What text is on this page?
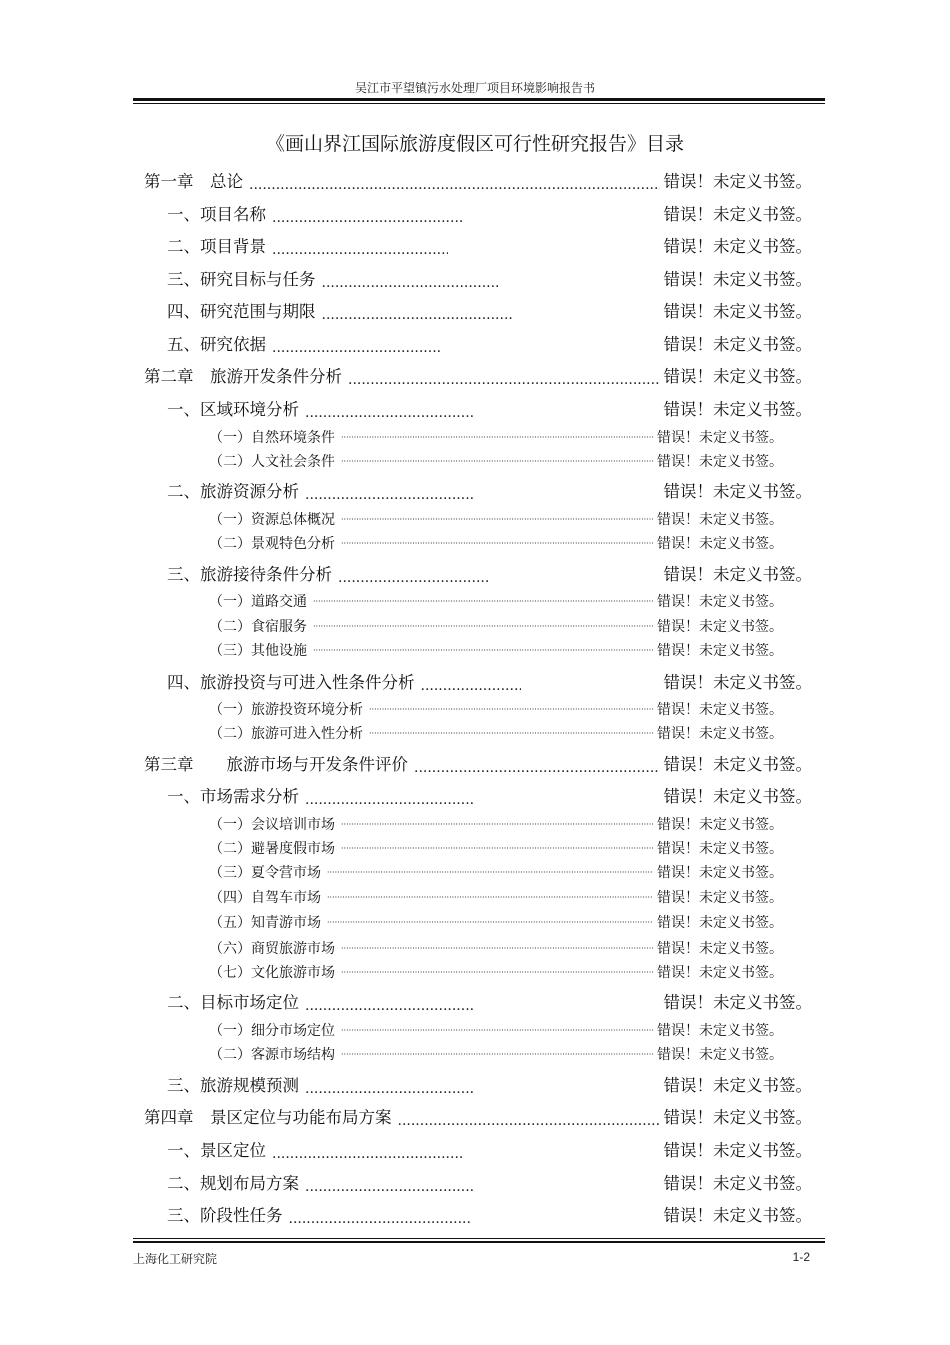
吴江市平望镇污水处理厂项目环境影响报告书
《画山界江国际旅游度假区可行性研究报告》目录
第一章　总论 .....	错误！未定义书签。
一、项目名称 .....	错误！未定义书签。
二、项目背景 .....	错误！未定义书签。
三、研究目标与任务 .....	错误！未定义书签。
四、研究范围与期限 .....	错误！未定义书签。
五、研究依据 .....	错误！未定义书签。
第二章　旅游开发条件分析 .....	错误！未定义书签。
一、区域环境分析 .....	错误！未定义书签。
（一）自然环境条件 ·····	错误！未定义书签。
（二）人文社会条件 ·····	错误！未定义书签。
二、旅游资源分析 .....	错误！未定义书签。
（一）资源总体概况 ·····	错误！未定义书签。
（二）景观特色分析 ·····	错误！未定义书签。
三、旅游接待条件分析 .....	错误！未定义书签。
（一）道路交通 ·····	错误！未定义书签。
（二）食宿服务 ·····	错误！未定义书签。
（三）其他设施 ·····	错误！未定义书签。
四、旅游投资与可进入性条件分析 .....	错误！未定义书签。
（一）旅游投资环境分析 ·····	错误！未定义书签。
（二）旅游可进入性分析 ·····	错误！未定义书签。
第三章　　旅游市场与开发条件评价 .....	错误！未定义书签。
一、市场需求分析 .....	错误！未定义书签。
（一）会议培训市场 ·····	错误！未定义书签。
（二）避暑度假市场 ·····	错误！未定义书签。
（三）夏令营市场 ·····	错误！未定义书签。
（四）自驾车市场 ·····	错误！未定义书签。
（五）知青游市场 ·····	错误！未定义书签。
（六）商贸旅游市场 ·····	错误！未定义书签。
（七）文化旅游市场 ·····	错误！未定义书签。
二、目标市场定位 .....	错误！未定义书签。
（一）细分市场定位 ·····	错误！未定义书签。
（二）客源市场结构 ·····	错误！未定义书签。
三、旅游规模预测 .....	错误！未定义书签。
第四章　景区定位与功能布局方案 .....	错误！未定义书签。
一、景区定位 .....	错误！未定义书签。
二、规划布局方案 .....	错误！未定义书签。
三、阶段性任务 .....	错误！未定义书签。
上海化工研究院	1-2
